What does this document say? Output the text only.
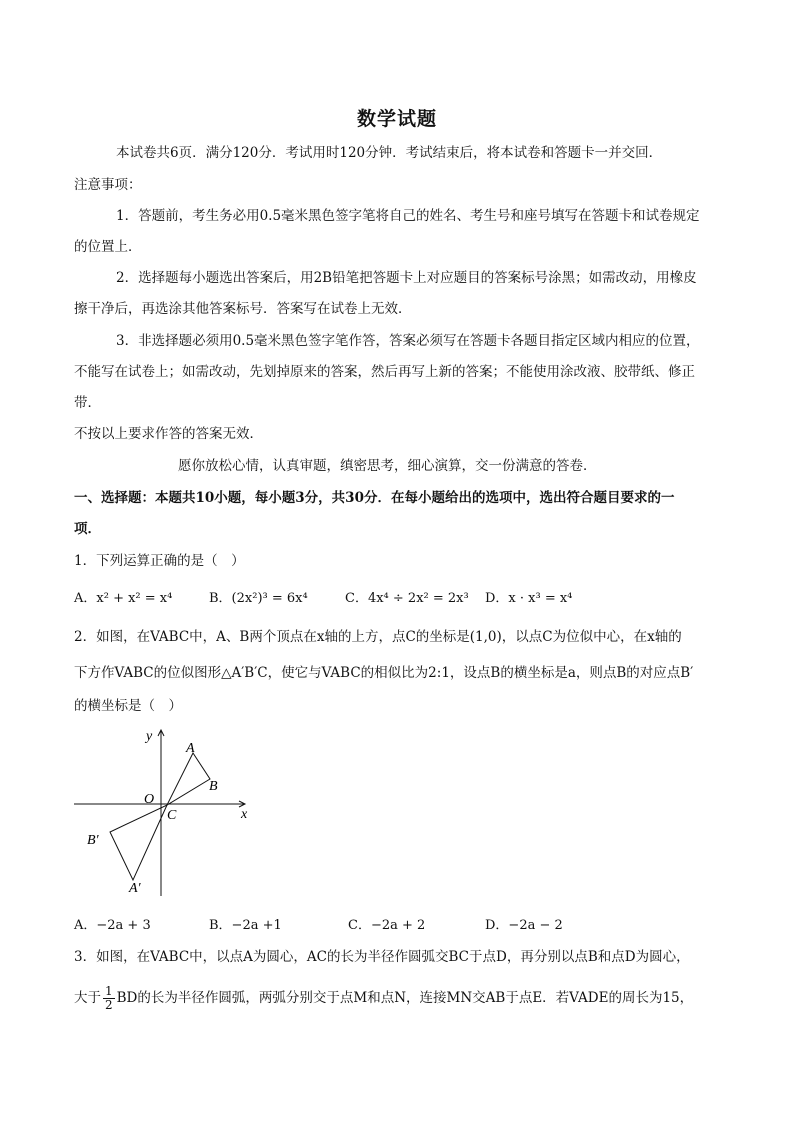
数学试题
本试卷共6页．满分120分．考试用时120分钟．考试结束后，将本试卷和答题卡一并交回．
注意事项：
1．答题前，考生务必用0.5毫米黑色签字笔将自己的姓名、考生号和座号填写在答题卡和试卷规定
的位置上．
2．选择题每小题选出答案后，用2B铅笔把答题卡上对应题目的答案标号涂黑；如需改动，用橡皮
擦干净后，再选涂其他答案标号．答案写在试卷上无效．
3．非选择题必须用0.5毫米黑色签字笔作答，答案必须写在答题卡各题目指定区域内相应的位置，
不能写在试卷上；如需改动，先划掉原来的答案，然后再写上新的答案；不能使用涂改液、胶带纸、修正
带．
不按以上要求作答的答案无效．
愿你放松心情，认真审题，缜密思考，细心演算，交一份满意的答卷．
一、选择题：本题共10小题，每小题3分，共30分．在每小题给出的选项中，选出符合题目要求的一
项．
1．下列运算正确的是（　）
A．x² + x² = x⁴	B．(2x²)³ = 6x⁴	C．4x⁴ ÷ 2x² = 2x³ D．x · x³ = x⁴
2．如图，在VABC中，A、B两个顶点在x轴的上方，点C的坐标是(1,0)，以点C为位似中心，在x轴的
下方作VABC的位似图形△A′B′C，使它与VABC的相似比为2:1，设点B的横坐标是a，则点B的对应点B′
的横坐标是（　）
y
x
O
C
A
B
A′
B′
A．−2a + 3	B．−2a +1	C．−2a + 2	D．−2a − 2
3．如图，在VABC中，以点A为圆心，AC的长为半径作圆弧交BC于点D，再分别以点B和点D为圆心，
大于 $\frac{1}{2}$ BD的长为半径作圆弧，两弧分别交于点M和点N，连接MN交AB于点E．若VADE的周长为15，
